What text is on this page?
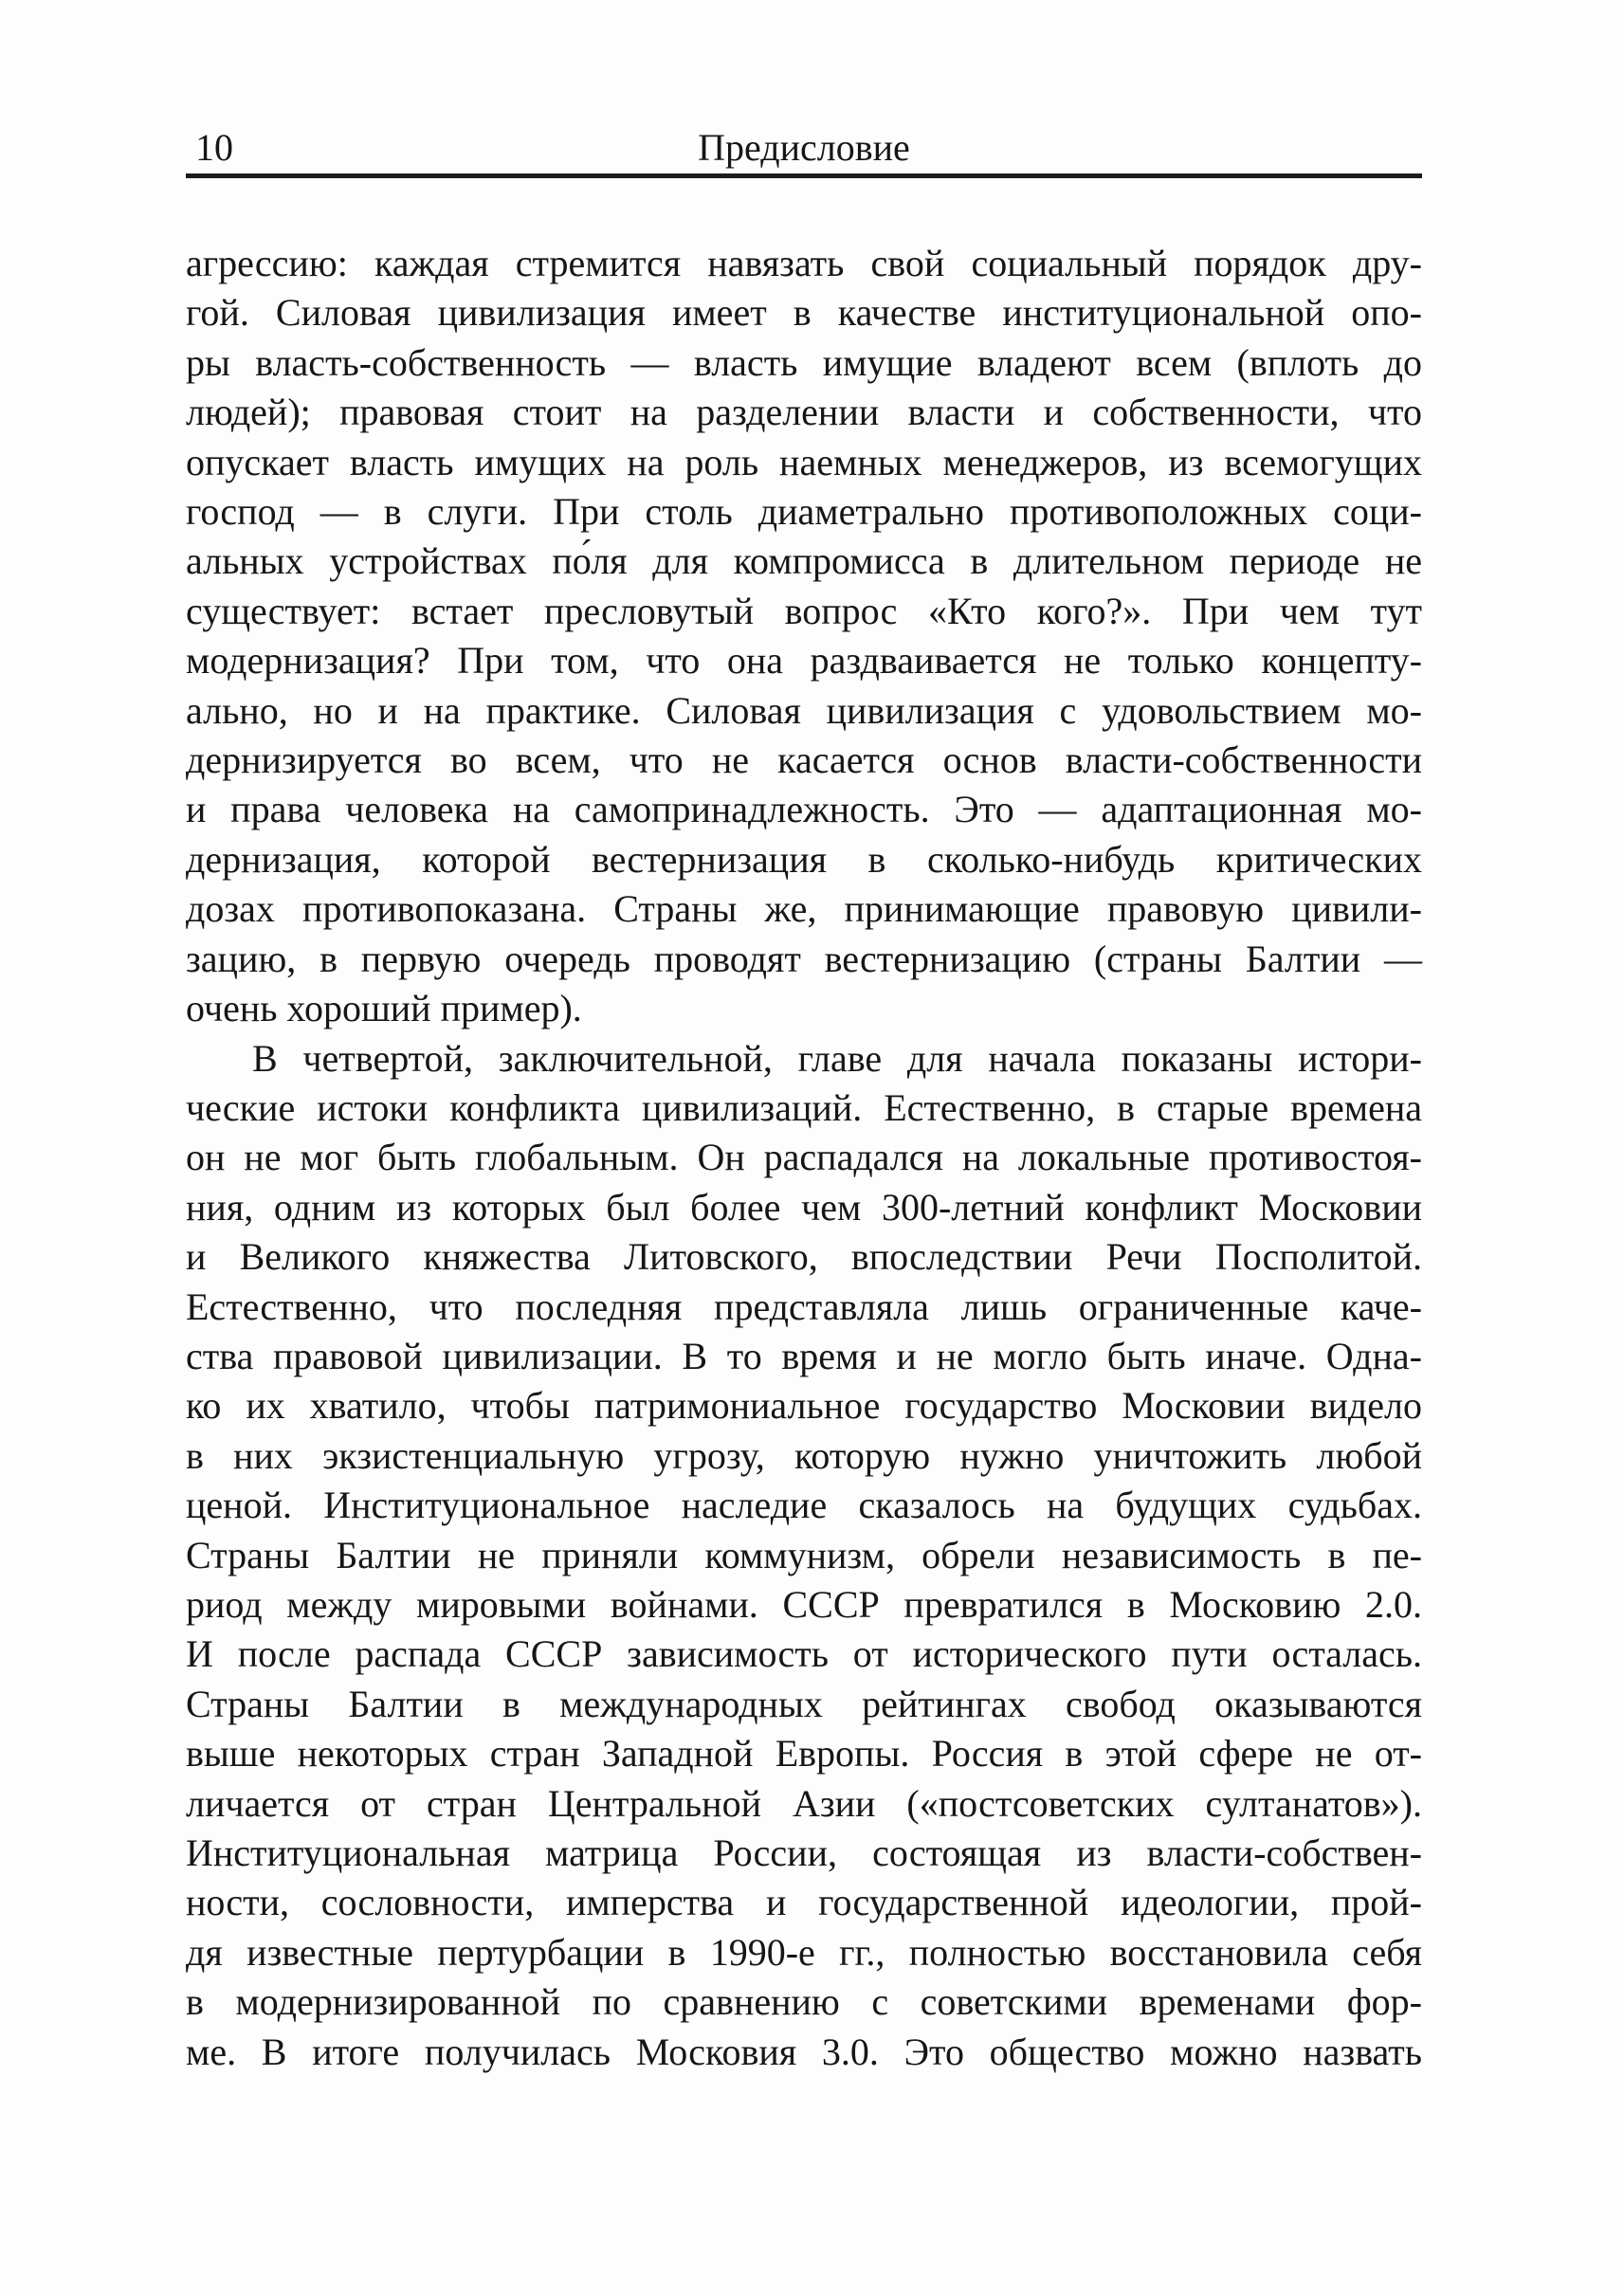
10	Предисловие
агрессию: каждая стремится навязать свой социальный порядок дру-
гой. Силовая цивилизация имеет в качестве институциональной опо-
ры власть-собственность — власть имущие владеют всем (вплоть до
людей); правовая стоит на разделении власти и собственности, что
опускает власть имущих на роль наемных менеджеров, из всемогущих
господ — в слуги. При столь диаметрально противоположных соци-
альных устройствах по́ля для компромисса в длительном периоде не
существует: встает пресловутый вопрос «Кто кого?». При чем тут
модернизация? При том, что она раздваивается не только концепту-
ально, но и на практике. Силовая цивилизация с удовольствием мо-
дернизируется во всем, что не касается основ власти-собственности
и права человека на самопринадлежность. Это — адаптационная мо-
дернизация, которой вестернизация в сколько-нибудь критических
дозах противопоказана. Страны же, принимающие правовую цивили-
зацию, в первую очередь проводят вестернизацию (страны Балтии —
очень хороший пример).
В четвертой, заключительной, главе для начала показаны истори-
ческие истоки конфликта цивилизаций. Естественно, в старые времена
он не мог быть глобальным. Он распадался на локальные противостоя-
ния, одним из которых был более чем 300-летний конфликт Московии
и Великого княжества Литовского, впоследствии Речи Посполитой.
Естественно, что последняя представляла лишь ограниченные каче-
ства правовой цивилизации. В то время и не могло быть иначе. Одна-
ко их хватило, чтобы патримониальное государство Московии видело
в них экзистенциальную угрозу, которую нужно уничтожить любой
ценой. Институциональное наследие сказалось на будущих судьбах.
Страны Балтии не приняли коммунизм, обрели независимость в пе-
риод между мировыми войнами. СССР превратился в Московию 2.0.
И после распада СССР зависимость от исторического пути осталась.
Страны Балтии в международных рейтингах свобод оказываются
выше некоторых стран Западной Европы. Россия в этой сфере не от-
личается от стран Центральной Азии («постсоветских султанатов»).
Институциональная матрица России, состоящая из власти-собствен-
ности, сословности, имперства и государственной идеологии, прой-
дя известные пертурбации в 1990-е гг., полностью восстановила себя
в модернизированной по сравнению с советскими временами фор-
ме. В итоге получилась Московия 3.0. Это общество можно назвать
